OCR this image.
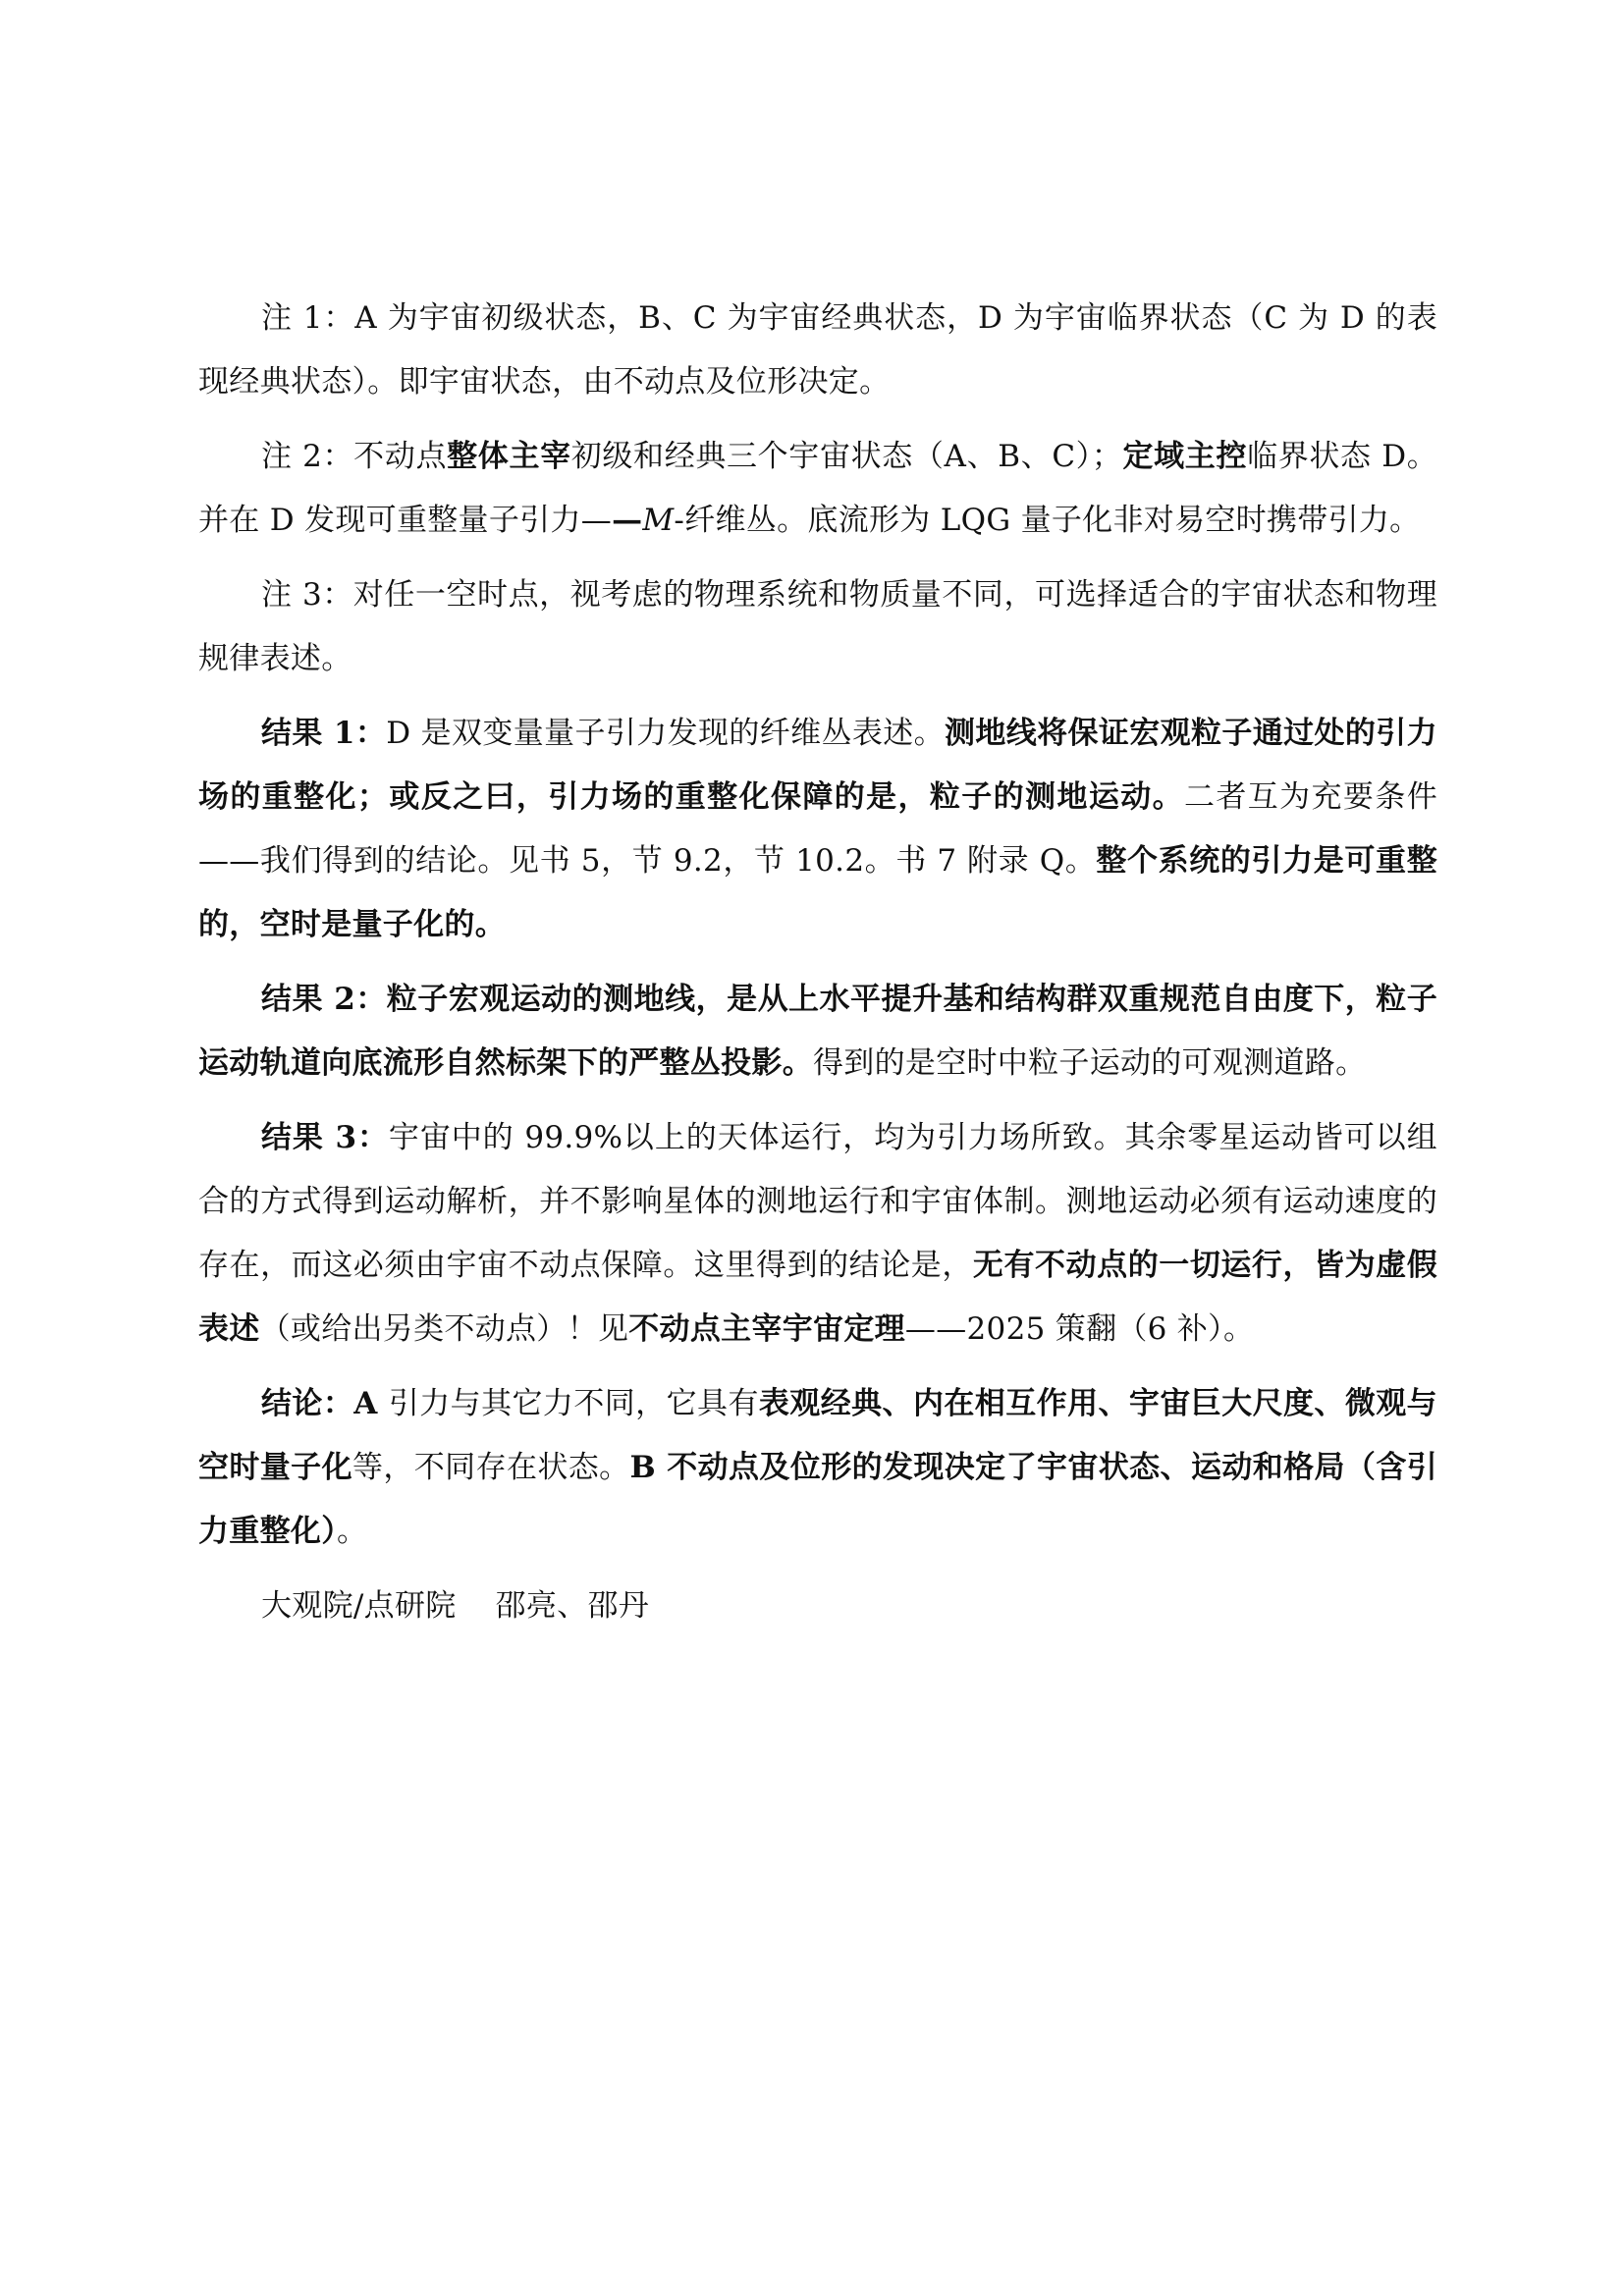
注 1：A 为宇宙初级状态，B、C 为宇宙经典状态，D 为宇宙临界状态（C 为 D 的表现经典状态）。即宇宙状态，由不动点及位形决定。

注 2：不动点整体主宰初级和经典三个宇宙状态（A、B、C）；定域主控临界状态 D。并在 D 发现可重整量子引力——M-纤维丛。底流形为 LQG 量子化非对易空时携带引力。

注 3：对任一空时点，视考虑的物理系统和物质量不同，可选择适合的宇宙状态和物理规律表述。

结果 1：D 是双变量量子引力发现的纤维丛表述。测地线将保证宏观粒子通过处的引力场的重整化；或反之曰，引力场的重整化保障的是，粒子的测地运动。二者互为充要条件——我们得到的结论。见书 5，节 9.2，节 10.2。书 7 附录 Q。整个系统的引力是可重整的，空时是量子化的。

结果 2：粒子宏观运动的测地线，是从上水平提升基和结构群双重规范自由度下，粒子运动轨道向底流形自然标架下的严整丛投影。得到的是空时中粒子运动的可观测道路。

结果 3：宇宙中的 99.9%以上的天体运行，均为引力场所致。其余零星运动皆可以组合的方式得到运动解析，并不影响星体的测地运行和宇宙体制。测地运动必须有运动速度的存在，而这必须由宇宙不动点保障。这里得到的结论是，无有不动点的一切运行，皆为虚假表述（或给出另类不动点）！见不动点主宰宇宙定理——2025 策翻（6 补）。

结论：A 引力与其它力不同，它具有表观经典、内在相互作用、宇宙巨大尺度、微观与空时量子化等，不同存在状态。B 不动点及位形的发现决定了宇宙状态、运动和格局（含引力重整化）。

大观院/点研院 邵亮、邵丹
